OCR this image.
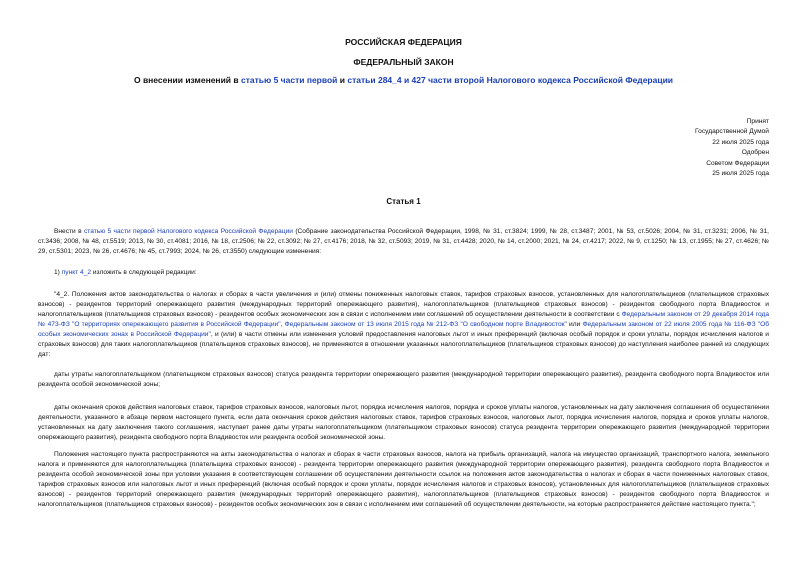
РОССИЙСКАЯ ФЕДЕРАЦИЯ
ФЕДЕРАЛЬНЫЙ ЗАКОН
О внесении изменений в статью 5 части первой и статьи 284_4 и 427 части второй Налогового кодекса Российской Федерации
Принят
Государственной Думой
22 июля 2025 года
Одобрен
Советом Федерации
25 июля 2025 года
Статья 1
Внести в статью 5 части первой Налогового кодекса Российской Федерации (Собрание законодательства Российской Федерации, 1998, № 31, ст.3824; 1999, № 28, ст.3487; 2001, № 53, ст.5026; 2004, № 31, ст.3231; 2006, № 31, ст.3436; 2008, № 48, ст.5519; 2013, № 30, ст.4081; 2016, № 18, ст.2506; № 22, ст.3092; № 27, ст.4176; 2018, № 32, ст.5093; 2019, № 31, ст.4428; 2020, № 14, ст.2000; 2021, № 24, ст.4217; 2022, № 9, ст.1250; № 13, ст.1955; № 27, ст.4626; № 29, ст.5301; 2023, № 26, ст.4676; № 45, ст.7993; 2024, № 26, ст.3550) следующие изменения:
1) пункт 4_2 изложить в следующей редакции:
"4_2. Положения актов законодательства о налогах и сборах в части увеличения и (или) отмены пониженных налоговых ставок, тарифов страховых взносов, установленных для налогоплательщиков (плательщиков страховых взносов) - резидентов территорий опережающего развития (международных территорий опережающего развития), налогоплательщиков (плательщиков страховых взносов) - резидентов свободного порта Владивосток и налогоплательщиков (плательщиков страховых взносов) - резидентов особых экономических зон в связи с исполнением ими соглашений об осуществлении деятельности в соответствии с Федеральным законом от 29 декабря 2014 года № 473-ФЗ "О территориях опережающего развития в Российской Федерации", Федеральным законом от 13 июля 2015 года № 212-ФЗ "О свободном порте Владивосток" или Федеральным законом от 22 июля 2005 года № 116-ФЗ "Об особых экономических зонах в Российской Федерации", и (или) в части отмены или изменения условий предоставления налоговых льгот и иных преференций (включая особый порядок и сроки уплаты, порядок исчисления налогов и страховых взносов) для таких налогоплательщиков (плательщиков страховых взносов), не применяются в отношении указанных налогоплательщиков (плательщиков страховых взносов) до наступления наиболее ранней из следующих дат:
даты утраты налогоплательщиком (плательщиком страховых взносов) статуса резидента территории опережающего развития (международной территории опережающего развития), резидента свободного порта Владивосток или резидента особой экономической зоны;
даты окончания сроков действия налоговых ставок, тарифов страховых взносов, налоговых льгот, порядка исчисления налогов, порядка и сроков уплаты налогов, установленных на дату заключения соглашения об осуществлении деятельности, указанного в абзаце первом настоящего пункта, если дата окончания сроков действия налоговых ставок, тарифов страховых взносов, налоговых льгот, порядка исчисления налогов, порядка и сроков уплаты налогов, установленных на дату заключения такого соглашения, наступает ранее даты утраты налогоплательщиком (плательщиком страховых взносов) статуса резидента территории опережающего развития (международной территории опережающего развития), резидента свободного порта Владивосток или резидента особой экономической зоны.
Положения настоящего пункта распространяются на акты законодательства о налогах и сборах в части страховых взносов, налога на прибыль организаций, налога на имущество организаций, транспортного налога, земельного налога и применяются для налогоплательщика (плательщика страховых взносов) - резидента территории опережающего развития (международной территории опережающего развития), резидента свободного порта Владивосток и резидента особой экономической зоны при условии указания в соответствующем соглашении об осуществлении деятельности ссылок на положения актов законодательства о налогах и сборах в части пониженных налоговых ставок, тарифов страховых взносов или налоговых льгот и иных преференций (включая особый порядок и сроки уплаты, порядок исчисления налогов и страховых взносов), установленных для налогоплательщиков (плательщиков страховых взносов) - резидентов территорий опережающего развития (международных территорий опережающего развития), налогоплательщиков (плательщиков страховых взносов) - резидентов свободного порта Владивосток и налогоплательщиков (плательщиков страховых взносов) - резидентов особых экономических зон в связи с исполнением ими соглашений об осуществлении деятельности, на которые распространяется действие настоящего пункта.";
